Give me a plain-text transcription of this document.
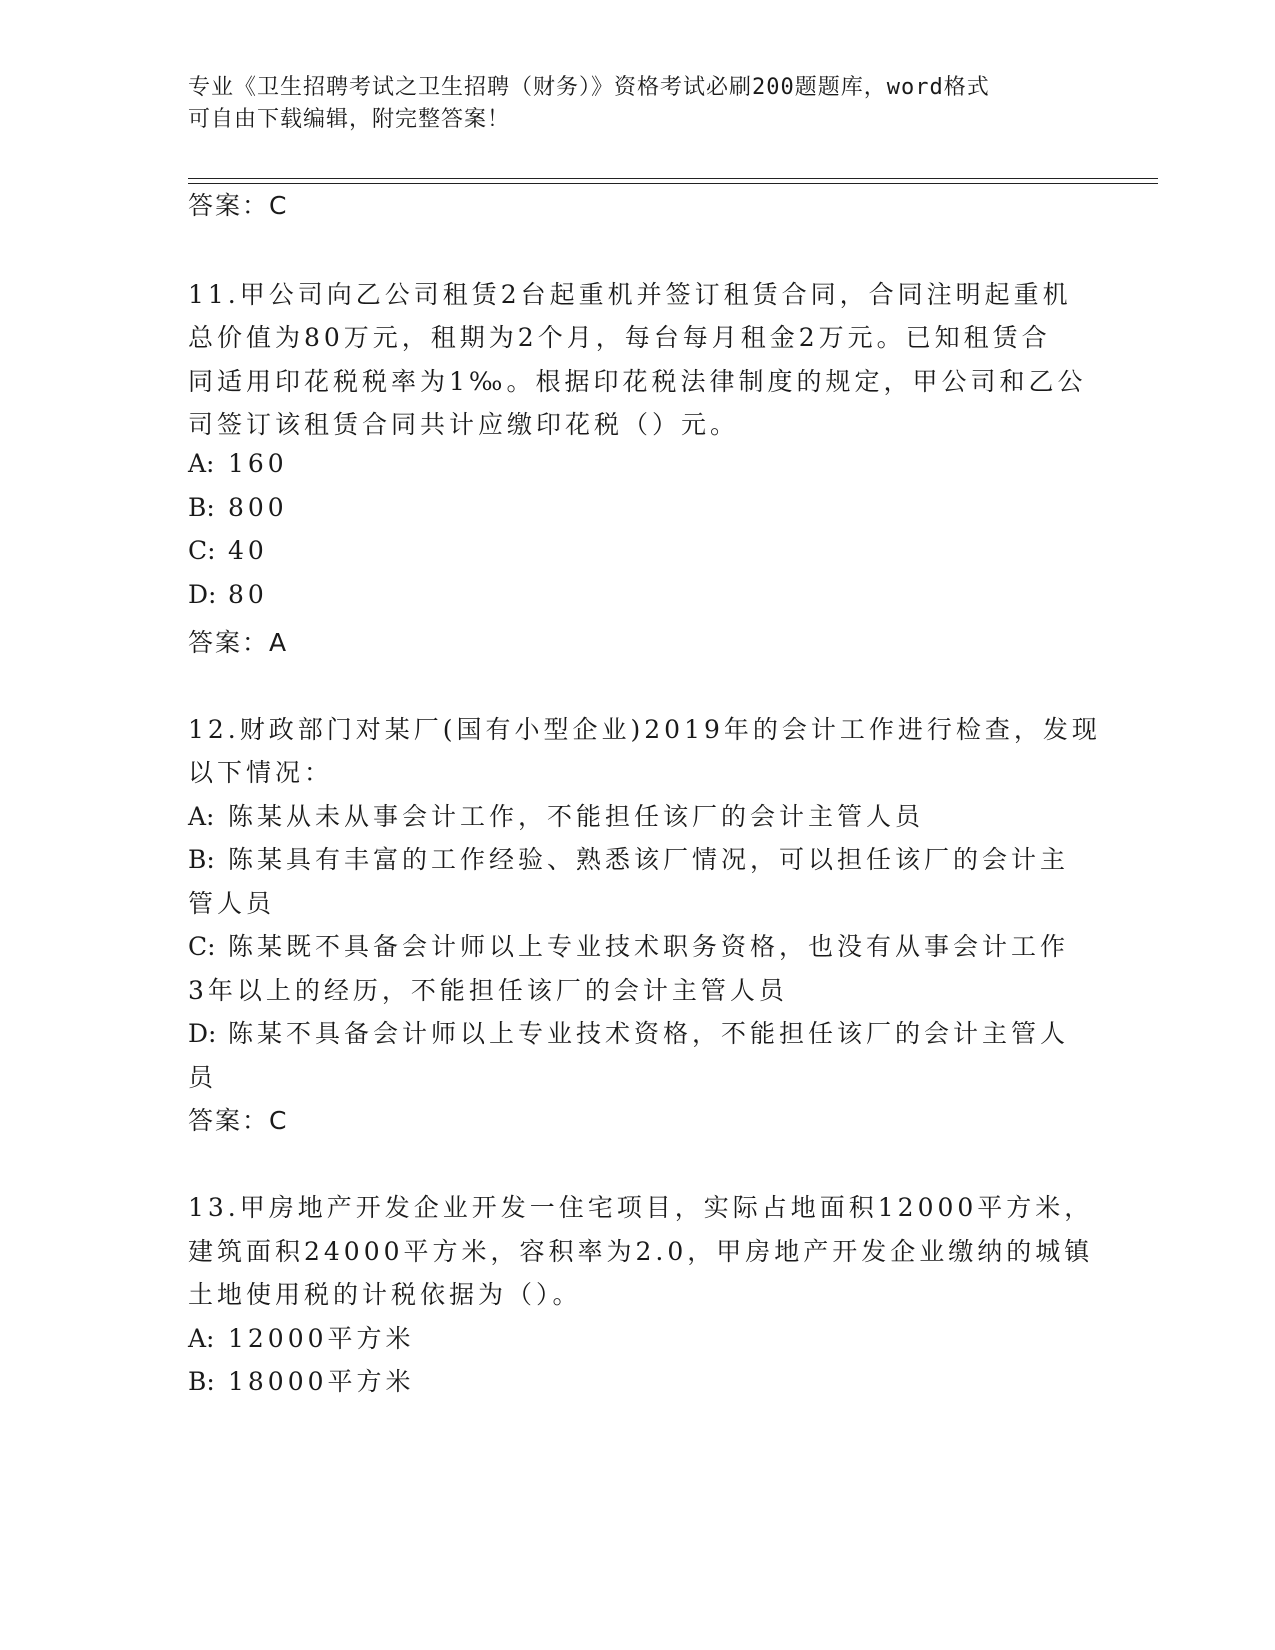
专业《卫生招聘考试之卫生招聘（财务）》资格考试必刷200题题库，word格式
可自由下载编辑，附完整答案！
答案：C
11.甲公司向乙公司租赁2台起重机并签订租赁合同，合同注明起重机
总价值为80万元，租期为2个月，每台每月租金2万元。已知租赁合
同适用印花税税率为1‰。根据印花税法律制度的规定，甲公司和乙公
司签订该租赁合同共计应缴印花税（）元。
A: 160
B: 800
C: 40
D: 80
答案：A
12.财政部门对某厂(国有小型企业)2019年的会计工作进行检查，发现
以下情况：
A: 陈某从未从事会计工作，不能担任该厂的会计主管人员
B: 陈某具有丰富的工作经验、熟悉该厂情况，可以担任该厂的会计主
管人员
C: 陈某既不具备会计师以上专业技术职务资格，也没有从事会计工作
3年以上的经历，不能担任该厂的会计主管人员
D: 陈某不具备会计师以上专业技术资格，不能担任该厂的会计主管人
员
答案：C
13.甲房地产开发企业开发一住宅项目，实际占地面积12000平方米，
建筑面积24000平方米，容积率为2.0，甲房地产开发企业缴纳的城镇
土地使用税的计税依据为（）。
A: 12000平方米
B: 18000平方米
